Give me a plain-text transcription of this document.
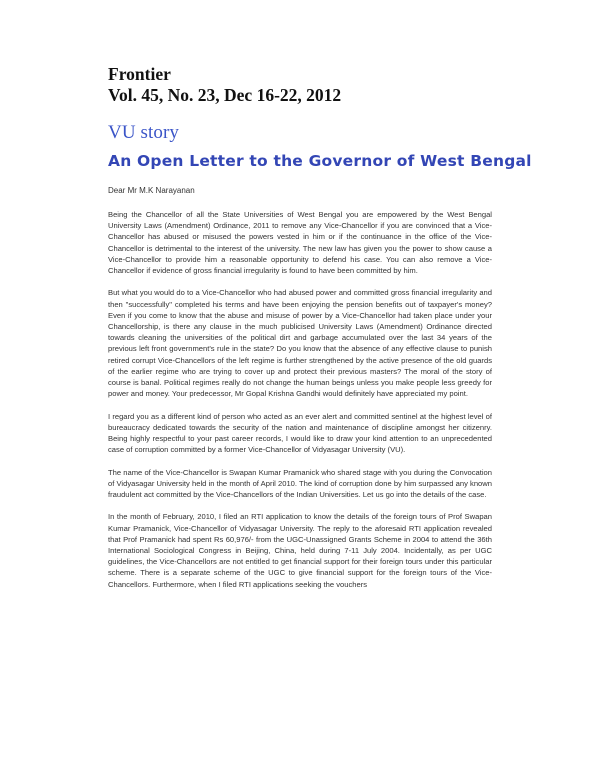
Frontier
Vol. 45, No. 23, Dec 16-22, 2012
VU story
An Open Letter to the Governor of West Bengal
Dear Mr M.K Narayanan

Being the Chancellor of all the State Universities of West Bengal you are empowered by the West Bengal University Laws (Amendment) Ordinance, 2011 to remove any Vice-Chancellor if you are convinced that a Vice-Chancellor has abused or misused the powers vested in him or if the continuance in the office of the Vice-Chancellor is detrimental to the interest of the university. The new law has given you the power to show cause a Vice-Chancellor to provide him a reasonable opportunity to defend his case. You can also remove a Vice-Chancellor if evidence of gross financial irregularity is found to have been committed by him.

But what you would do to a Vice-Chancellor who had abused power and committed gross financial irregularity and then "successfully" completed his terms and have been enjoying the pension benefits out of taxpayer's money? Even if you come to know that the abuse and misuse of power by a Vice-Chancellor had taken place under your Chancellorship, is there any clause in the much publicised University Laws (Amendment) Ordinance directed towards cleaning the universities of the political dirt and garbage accumulated over the last 34 years of the previous left front government's rule in the state? Do you know that the absence of any effective clause to punish retired corrupt Vice-Chancellors of the left regime is further strengthened by the active presence of the old guards of the earlier regime who are trying to cover up and protect their previous masters? The moral of the story of course is banal. Political regimes really do not change the human beings unless you make people less greedy for power and money. Your predecessor, Mr Gopal Krishna Gandhi would definitely have appreciated my point.

I regard you as a different kind of person who acted as an ever alert and committed sentinel at the highest level of bureaucracy dedicated towards the security of the nation and maintenance of discipline amongst her citizenry. Being highly respectful to your past career records, I would like to draw your kind attention to an unprecedented case of corruption committed by a former Vice-Chancellor of Vidyasagar University (VU).

The name of the Vice-Chancellor is Swapan Kumar Pramanick who shared stage with you during the Convocation of Vidyasagar University held in the month of April 2010. The kind of corruption done by him surpassed any known fraudulent act committed by the Vice-Chancellors of the Indian Universities. Let us go into the details of the case.

In the month of February, 2010, I filed an RTI application to know the details of the foreign tours of Prof Swapan Kumar Pramanick, Vice-Chancellor of Vidyasagar University. The reply to the aforesaid RTI application revealed that Prof Pramanick had spent Rs 60,976/- from the UGC-Unassigned Grants Scheme in 2004 to attend the 36th International Sociological Congress in Beijing, China, held during 7-11 July 2004. Incidentally, as per UGC guidelines, the Vice-Chancellors are not entitled to get financial support for their foreign tours under this particular scheme. There is a separate scheme of the UGC to give financial support for the foreign tours of the Vice-Chancellors. Furthermore, when I filed RTI applications seeking the vouchers
